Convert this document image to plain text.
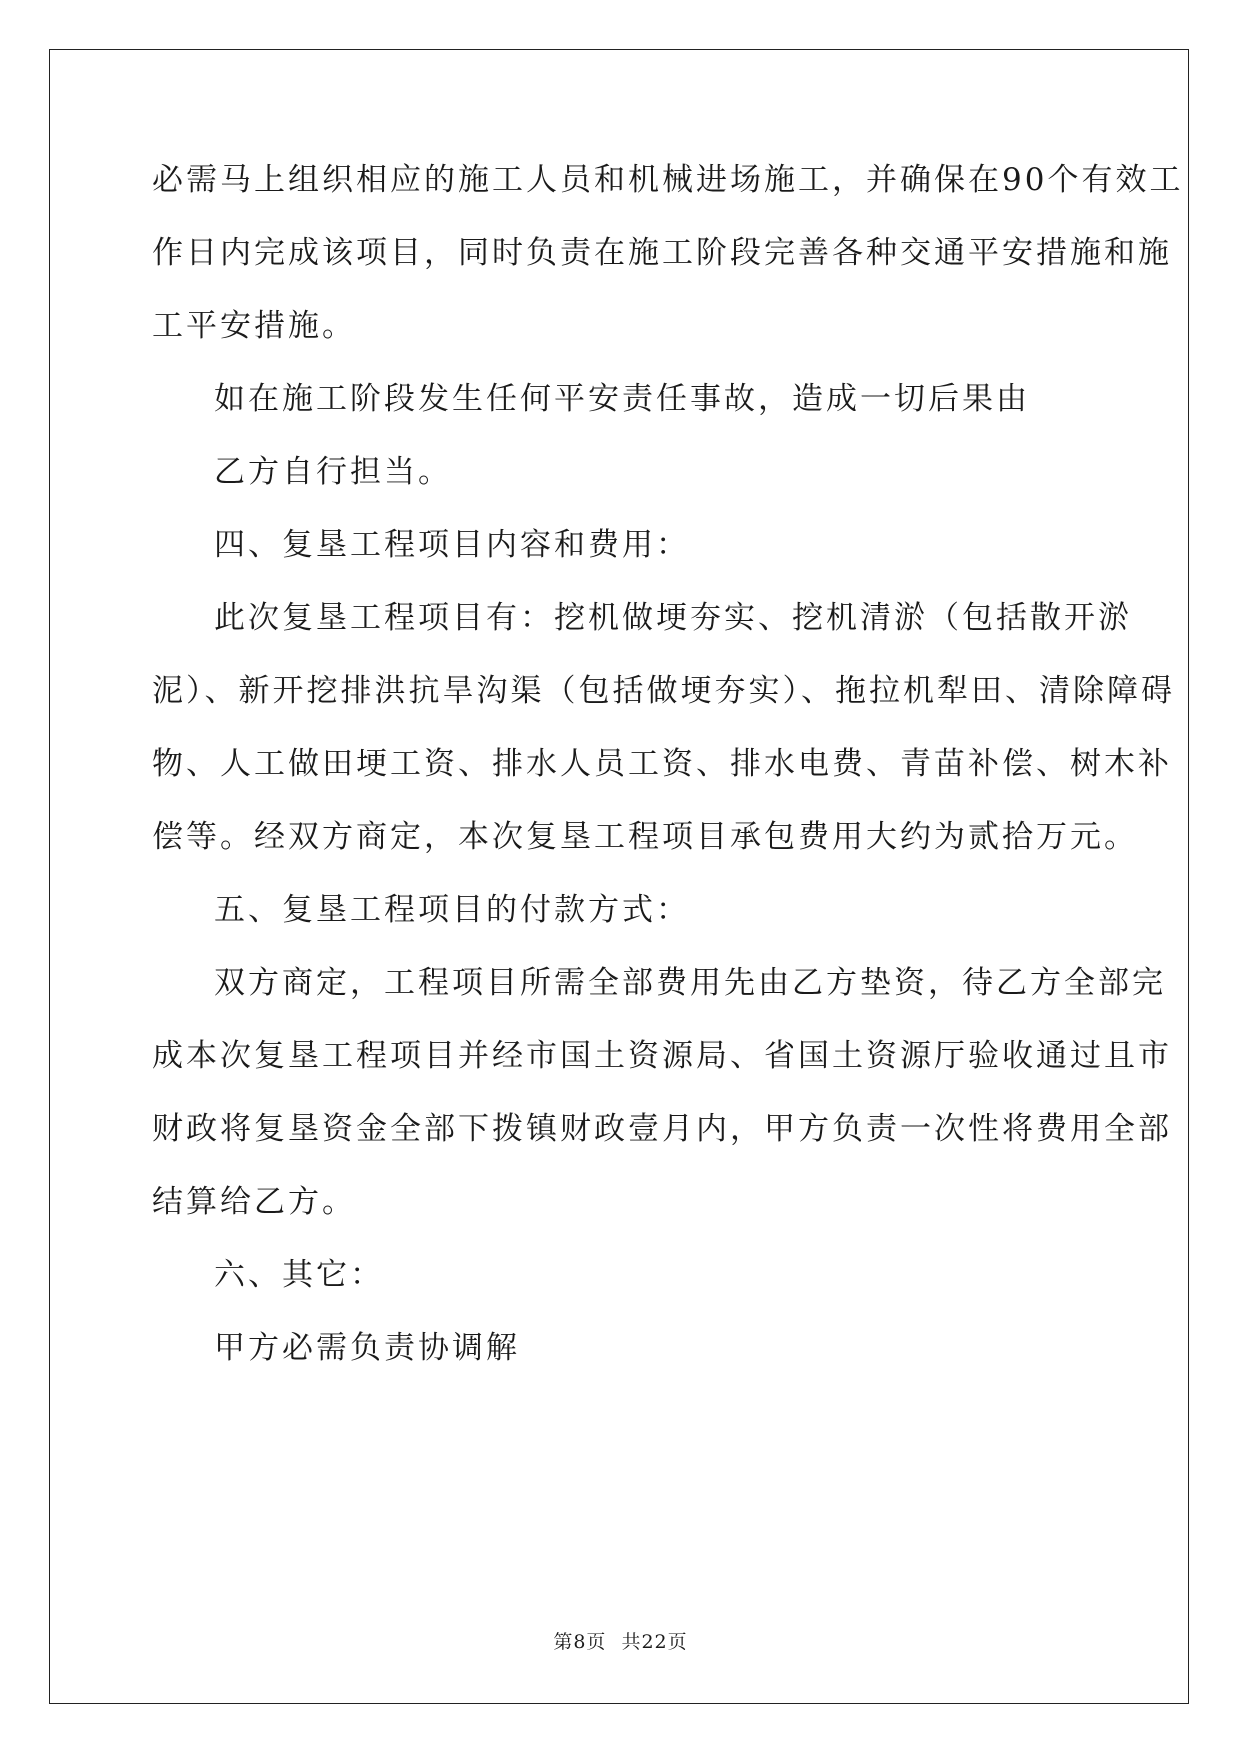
必需马上组织相应的施工人员和机械进场施工，并确保在90个有效工
作日内完成该项目，同时负责在施工阶段完善各种交通平安措施和施
工平安措施。
如在施工阶段发生任何平安责任事故，造成一切后果由
乙方自行担当。
四、复垦工程项目内容和费用：
此次复垦工程项目有：挖机做埂夯实、挖机清淤（包括散开淤
泥）、新开挖排洪抗旱沟渠（包括做埂夯实）、拖拉机犁田、清除障碍
物、人工做田埂工资、排水人员工资、排水电费、青苗补偿、树木补
偿等。经双方商定，本次复垦工程项目承包费用大约为贰拾万元。
五、复垦工程项目的付款方式：
双方商定，工程项目所需全部费用先由乙方垫资，待乙方全部完
成本次复垦工程项目并经市国土资源局、省国土资源厅验收通过且市
财政将复垦资金全部下拨镇财政壹月内，甲方负责一次性将费用全部
结算给乙方。
六、其它：
甲方必需负责协调解
第8页 共22页
